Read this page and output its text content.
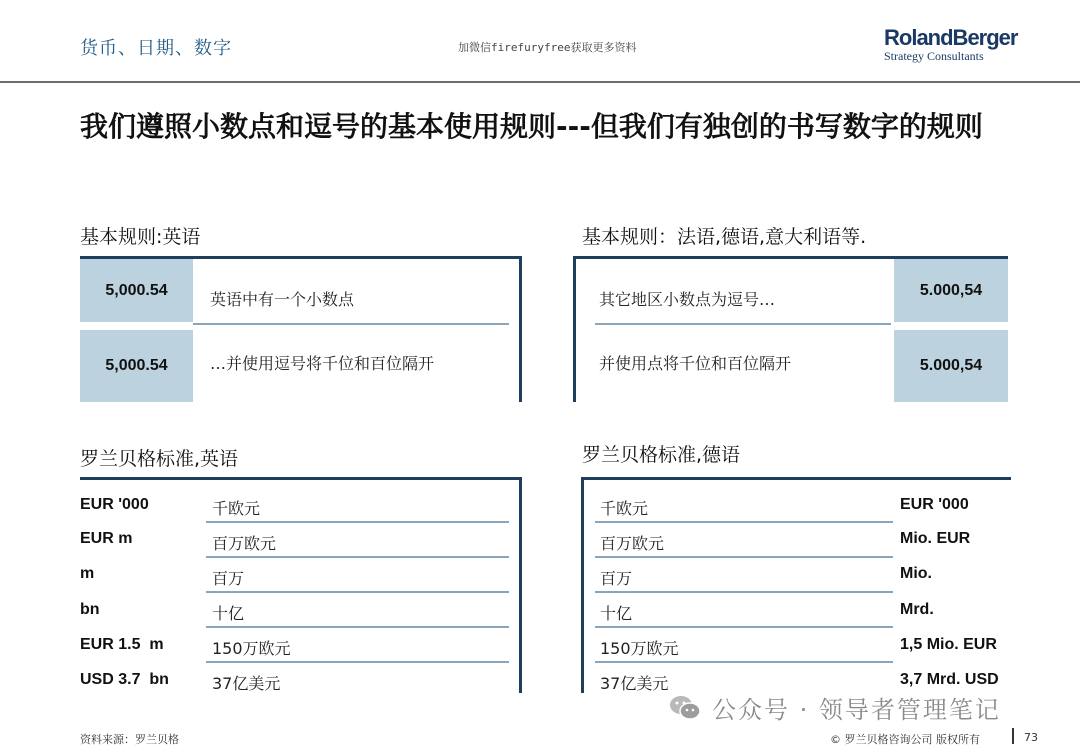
货币、日期、数字	加微信firefuryfree获取更多资料	RolandBerger
Strategy Consultants
我们遵照小数点和逗号的基本使用规则---但我们有独创的书写数字的规则
基本规则:英语
5,000.54	英语中有一个小数点
5,000.54	…并使用逗号将千位和百位隔开
基本规则：法语,德语,意大利语等.
其它地区小数点为逗号…	5.000,54
并使用点将千位和百位隔开	5.000,54
罗兰贝格标准,英语
EUR '000	千欧元
EUR m	百万欧元
m	百万
bn	十亿
EUR 1.5  m	150万欧元
USD 3.7  bn	37亿美元
罗兰贝格标准,德语
千欧元	EUR '000
百万欧元	Mio. EUR
百万	Mio.
十亿	Mrd.
150万欧元	1,5 Mio. EUR
37亿美元	3,7 Mrd. USD
公众号 · 领导者管理笔记
资料来源：罗兰贝格	© 罗兰贝格咨询公司 版权所有	73
